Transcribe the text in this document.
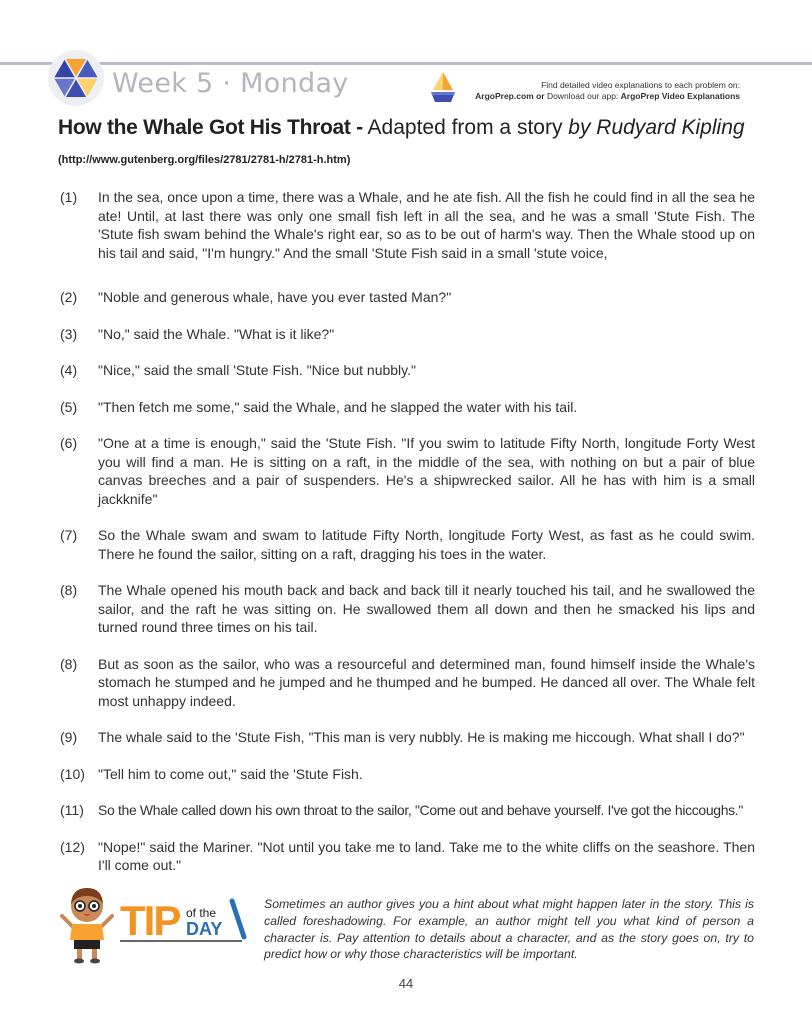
Week 5 · Monday	Find detailed video explanations to each problem on:
ArgoPrep.com or Download our app: ArgoPrep Video Explanations
How the Whale Got His Throat - Adapted from a story by Rudyard Kipling
(http://www.gutenberg.org/files/2781/2781-h/2781-h.htm)
(1)	In the sea, once upon a time, there was a Whale, and he ate fish. All the fish he could find in all the sea he ate! Until, at last there was only one small fish left in all the sea, and he was a small 'Stute Fish. The 'Stute fish swam behind the Whale's right ear, so as to be out of harm's way. Then the Whale stood up on his tail and said, "I'm hungry." And the small 'Stute Fish said in a small 'stute voice,
(2)	"Noble and generous whale, have you ever tasted Man?"
(3)	"No," said the Whale. "What is it like?"
(4)	"Nice," said the small 'Stute Fish. "Nice but nubbly."
(5)	"Then fetch me some," said the Whale, and he slapped the water with his tail.
(6)	"One at a time is enough," said the 'Stute Fish. "If you swim to latitude Fifty North, longitude Forty West you will find a man. He is sitting on a raft, in the middle of the sea, with nothing on but a pair of blue canvas breeches and a pair of suspenders. He's a shipwrecked sailor. All he has with him is a small jackknife"
(7)	So the Whale swam and swam to latitude Fifty North, longitude Forty West, as fast as he could swim. There he found the sailor, sitting on a raft, dragging his toes in the water.
(8)	The Whale opened his mouth back and back and back till it nearly touched his tail, and he swallowed the sailor, and the raft he was sitting on. He swallowed them all down and then he smacked his lips and turned round three times on his tail.
(8)	But as soon as the sailor, who was a resourceful and determined man, found himself inside the Whale's stomach he stumped and he jumped and he thumped and he bumped. He danced all over. The Whale felt most unhappy indeed.
(9)	The whale said to the 'Stute Fish, "This man is very nubbly. He is making me hiccough. What shall I do?"
(10) "Tell him to come out," said the 'Stute Fish.
(11)	So the Whale called down his own throat to the sailor, "Come out and behave yourself. I've got the hiccoughs."
(12) "Nope!" said the Mariner. "Not until you take me to land. Take me to the white cliffs on the seashore. Then I'll come out."
TIP of the
DAY
Sometimes an author gives you a hint about what might happen later in the story. This is called foreshadowing. For example, an author might tell you what kind of person a character is. Pay attention to details about a character, and as the story goes on, try to predict how or why those characteristics will be important.
44
